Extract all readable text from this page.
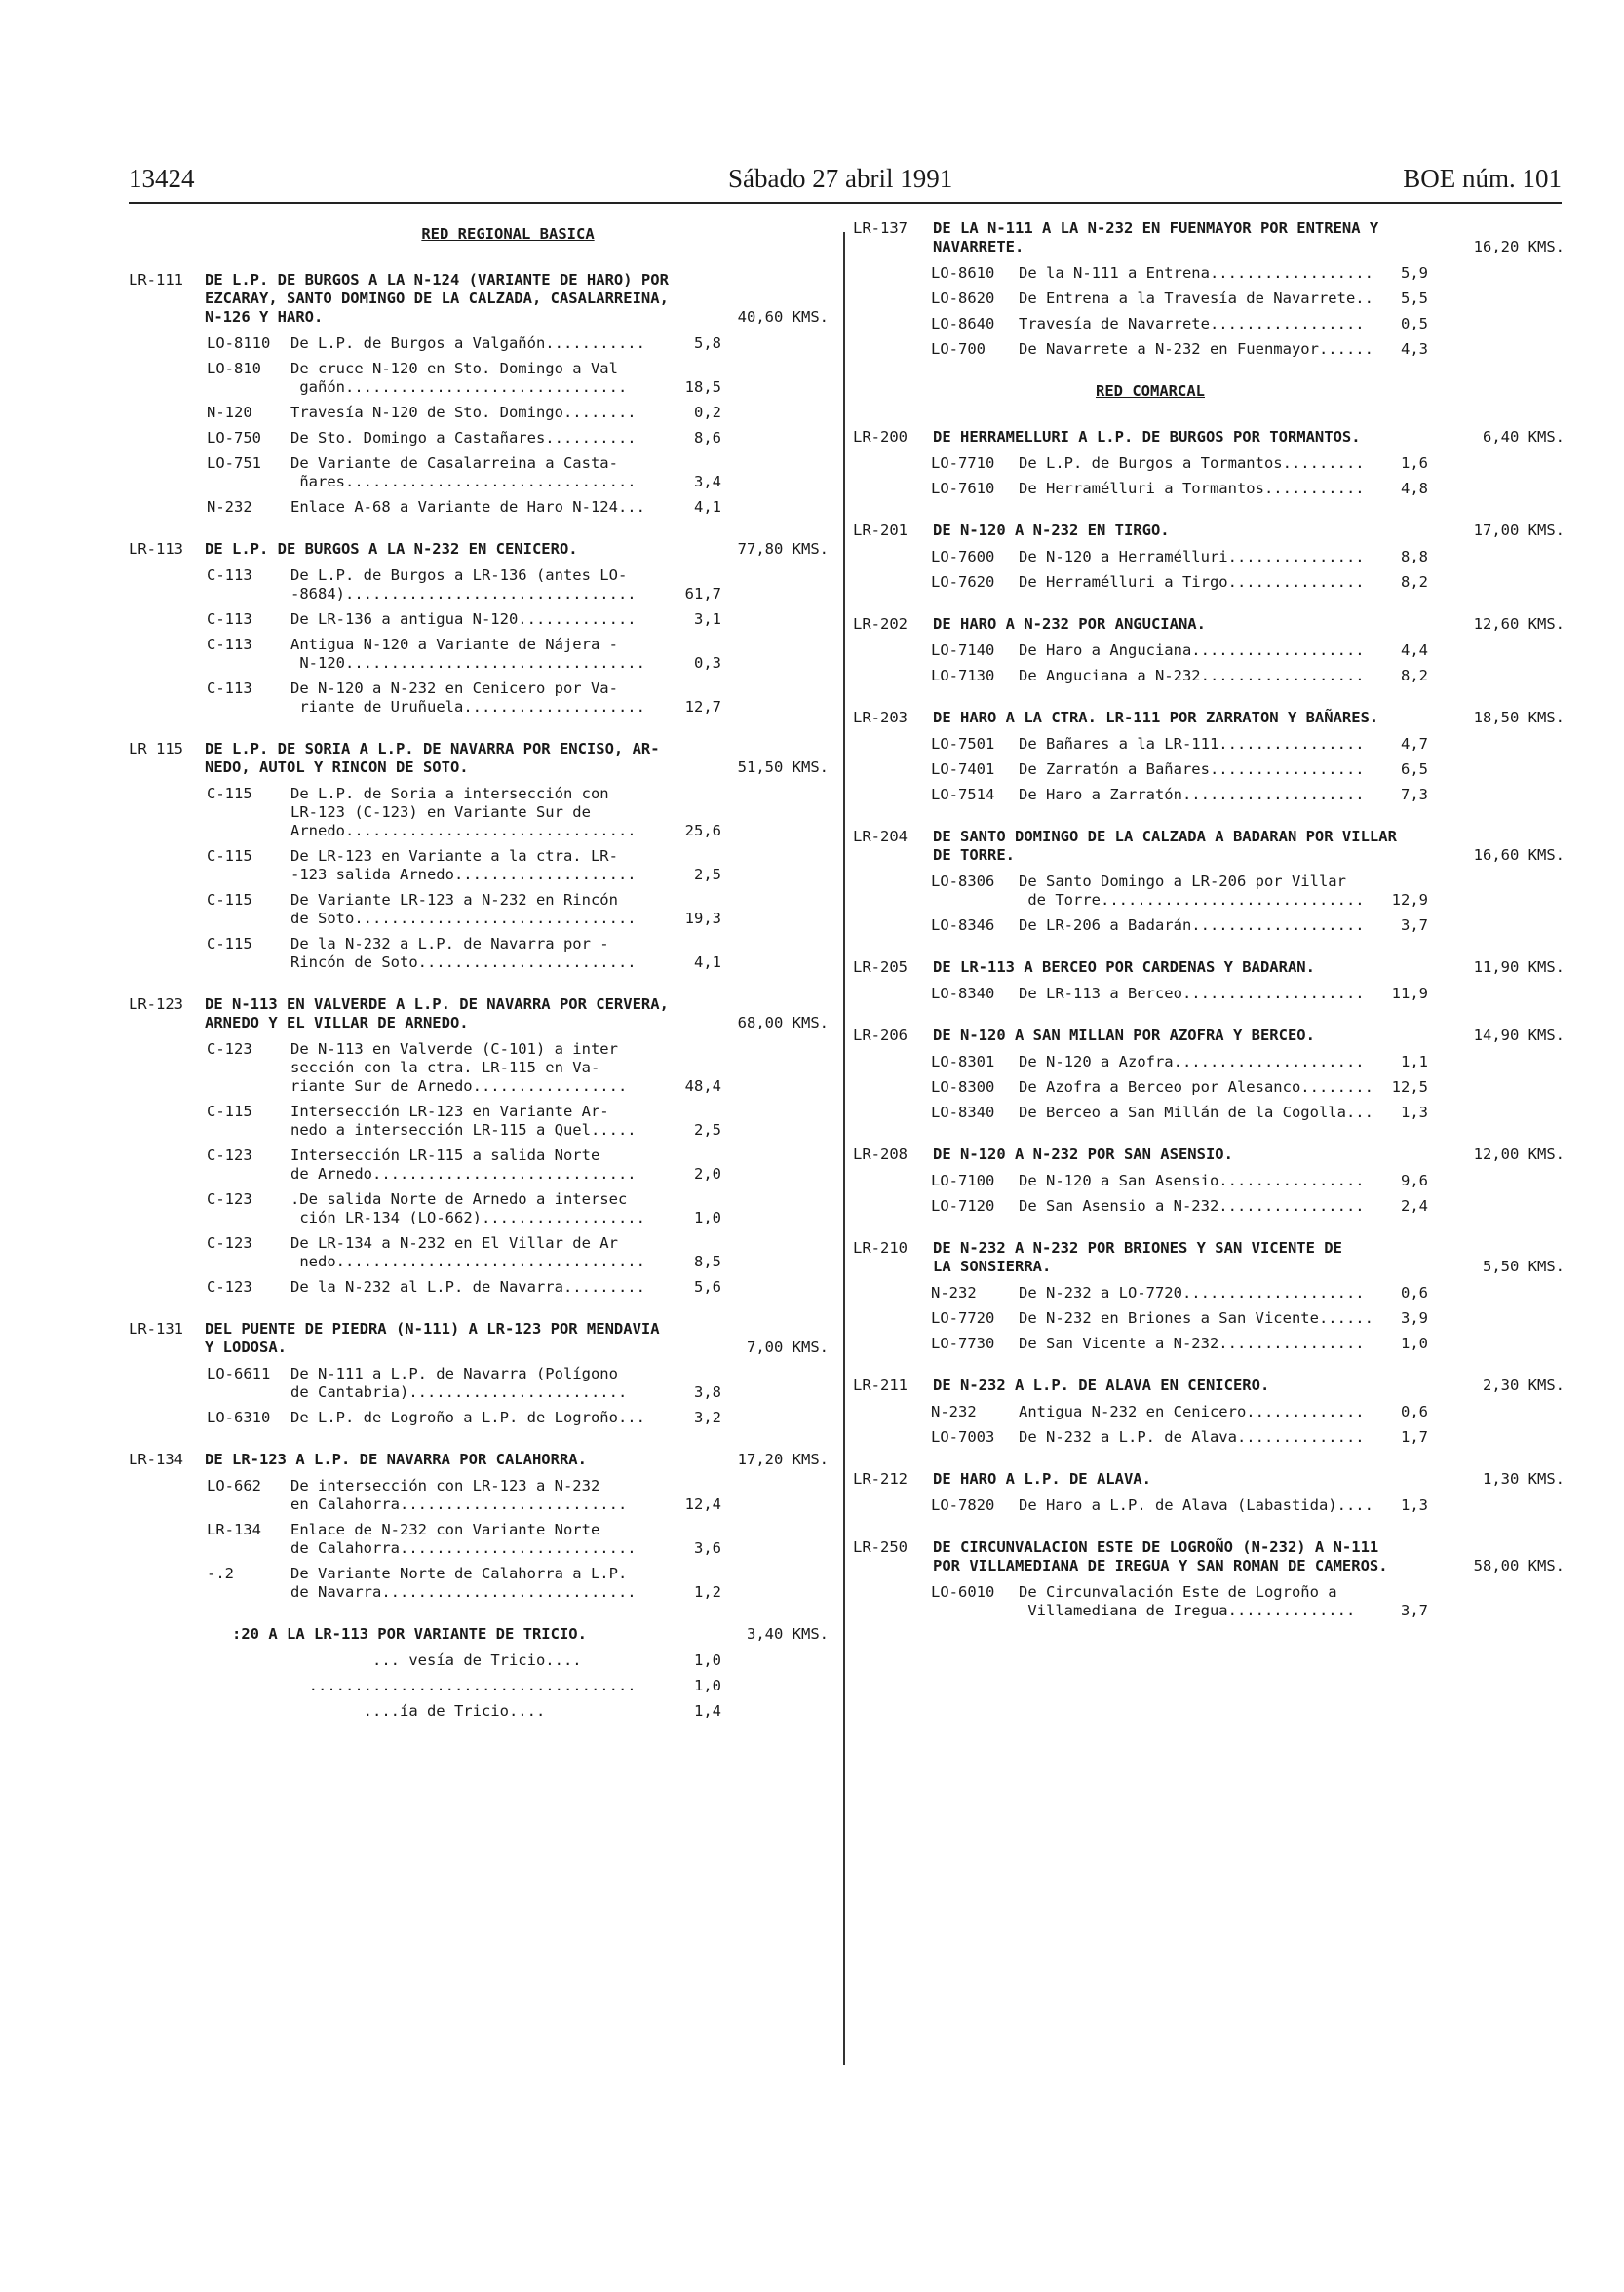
13424	Sábado 27 abril 1991	BOE núm. 101
RED REGIONAL BASICA
LR-111 DE L.P. DE BURGOS A LA N-124 (VARIANTE DE HARO) POR
EZCARAY, SANTO DOMINGO DE LA CALZADA, CASALARREINA,
N-126 Y HARO.	40,60 KMS.
LO-8110 De L.P. de Burgos a Valgañón...........	5,8
LO-810 De cruce N-120 en Sto. Domingo a Val
gañón...............................	18,5
N-120	Travesía N-120 de Sto. Domingo........	0,2
LO-750 De Sto. Domingo a Castañares..........	8,6
LO-751 De Variante de Casalarreina a Casta-
ñares................................	3,4
N-232	Enlace A-68 a Variante de Haro N-124...	4,1
LR-113 DE L.P. DE BURGOS A LA N-232 EN CENICERO.	77,80 KMS.
C-113	De L.P. de Burgos a LR-136 (antes LO-
-8684)................................	61,7
C-113	De LR-136 a antigua N-120.............	3,1
C-113	Antigua N-120 a Variante de Nájera -
N-120.................................	0,3
C-113	De N-120 a N-232 en Cenicero por Va-
riante de Uruñuela....................	12,7
LR 115 DE L.P. DE SORIA A L.P. DE NAVARRA POR ENCISO, AR-
NEDO, AUTOL Y RINCON DE SOTO.	51,50 KMS.
C-115	De L.P. de Soria a intersección con
LR-123 (C-123) en Variante Sur de
Arnedo................................	25,6
C-115	De LR-123 en Variante a la ctra. LR-
-123 salida Arnedo....................	2,5
C-115	De Variante LR-123 a N-232 en Rincón
de Soto...............................	19,3
C-115	De la N-232 a L.P. de Navarra por -
Rincón de Soto........................	4,1
LR-123 DE N-113 EN VALVERDE A L.P. DE NAVARRA POR CERVERA,
ARNEDO Y EL VILLAR DE ARNEDO.	68,00 KMS.
C-123	De N-113 en Valverde (C-101) a inter
sección con la ctra. LR-115 en Va-
riante Sur de Arnedo.................	48,4
C-115	Intersección LR-123 en Variante Ar-
nedo a intersección LR-115 a Quel.....	2,5
C-123	Intersección LR-115 a salida Norte
de Arnedo.............................	2,0
C-123	.De salida Norte de Arnedo a intersec
ción LR-134 (LO-662)..................	1,0
C-123	De LR-134 a N-232 en El Villar de Ar
nedo..................................	8,5
C-123	De la N-232 al L.P. de Navarra.........	5,6
LR-131 DEL PUENTE DE PIEDRA (N-111) A LR-123 POR MENDAVIA
Y LODOSA.	7,00 KMS.
LO-6611 De N-111 a L.P. de Navarra (Polígono
de Cantabria)........................	3,8
LO-6310 De L.P. de Logroño a L.P. de Logroño...	3,2
LR-134 DE LR-123 A L.P. DE NAVARRA POR CALAHORRA.	17,20 KMS.
LO-662 De intersección con LR-123 a N-232
en Calahorra.........................	12,4
LR-134 Enlace de N-232 con Variante Norte
de Calahorra..........................	3,6
-.2	De Variante Norte de Calahorra a L.P.
de Navarra............................	1,2
:20 A LA LR-113 POR VARIANTE DE TRICIO.	3,40 KMS.
... vesía de Tricio....	1,0
....................................	1,0
....ía de Tricio....	1,4
LR-137 DE LA N-111 A LA N-232 EN FUENMAYOR POR ENTRENA Y
NAVARRETE.	16,20 KMS.
LO-8610 De la N-111 a Entrena..................	5,9
LO-8620 De Entrena a la Travesía de Navarrete..	5,5
LO-8640 Travesía de Navarrete.................	0,5
LO-700 De Navarrete a N-232 en Fuenmayor......	4,3
RED COMARCAL
LR-200 DE HERRAMELLURI A L.P. DE BURGOS POR TORMANTOS.	6,40 KMS.
LO-7710 De L.P. de Burgos a Tormantos.........	1,6
LO-7610 De Herramélluri a Tormantos...........	4,8
LR-201 DE N-120 A N-232 EN TIRGO.	17,00 KMS.
LO-7600 De N-120 a Herramélluri...............	8,8
LO-7620 De Herramélluri a Tirgo...............	8,2
LR-202 DE HARO A N-232 POR ANGUCIANA.	12,60 KMS.
LO-7140 De Haro a Anguciana...................	4,4
LO-7130 De Anguciana a N-232..................	8,2
LR-203 DE HARO A LA CTRA. LR-111 POR ZARRATON Y BAÑARES.	18,50 KMS.
LO-7501 De Bañares a la LR-111................	4,7
LO-7401 De Zarratón a Bañares.................	6,5
LO-7514 De Haro a Zarratón....................	7,3
LR-204 DE SANTO DOMINGO DE LA CALZADA A BADARAN POR VILLAR
DE TORRE.	16,60 KMS.
LO-8306 De Santo Domingo a LR-206 por Villar
de Torre.............................	12,9
LO-8346 De LR-206 a Badarán...................	3,7
LR-205 DE LR-113 A BERCEO POR CARDENAS Y BADARAN.	11,90 KMS.
LO-8340 De LR-113 a Berceo....................	11,9
LR-206 DE N-120 A SAN MILLAN POR AZOFRA Y BERCEO.	14,90 KMS.
LO-8301 De N-120 a Azofra.....................	1,1
LO-8300 De Azofra a Berceo por Alesanco........	12,5
LO-8340 De Berceo a San Millán de la Cogolla...	1,3
LR-208 DE N-120 A N-232 POR SAN ASENSIO.	12,00 KMS.
LO-7100 De N-120 a San Asensio................	9,6
LO-7120 De San Asensio a N-232................	2,4
LR-210 DE N-232 A N-232 POR BRIONES Y SAN VICENTE DE
LA SONSIERRA.	5,50 KMS.
N-232	De N-232 a LO-7720....................	0,6
LO-7720 De N-232 en Briones a San Vicente......	3,9
LO-7730 De San Vicente a N-232................	1,0
LR-211 DE N-232 A L.P. DE ALAVA EN CENICERO.	2,30 KMS.
N-232	Antigua N-232 en Cenicero.............	0,6
LO-7003 De N-232 a L.P. de Alava..............	1,7
LR-212 DE HARO A L.P. DE ALAVA.	1,30 KMS.
LO-7820 De Haro a L.P. de Alava (Labastida)....	1,3
LR-250 DE CIRCUNVALACION ESTE DE LOGROÑO (N-232) A N-111
POR VILLAMEDIANA DE IREGUA Y SAN ROMAN DE CAMEROS.	58,00 KMS.
LO-6010 De Circunvalación Este de Logroño a
Villamediana de Iregua..............	3,7
